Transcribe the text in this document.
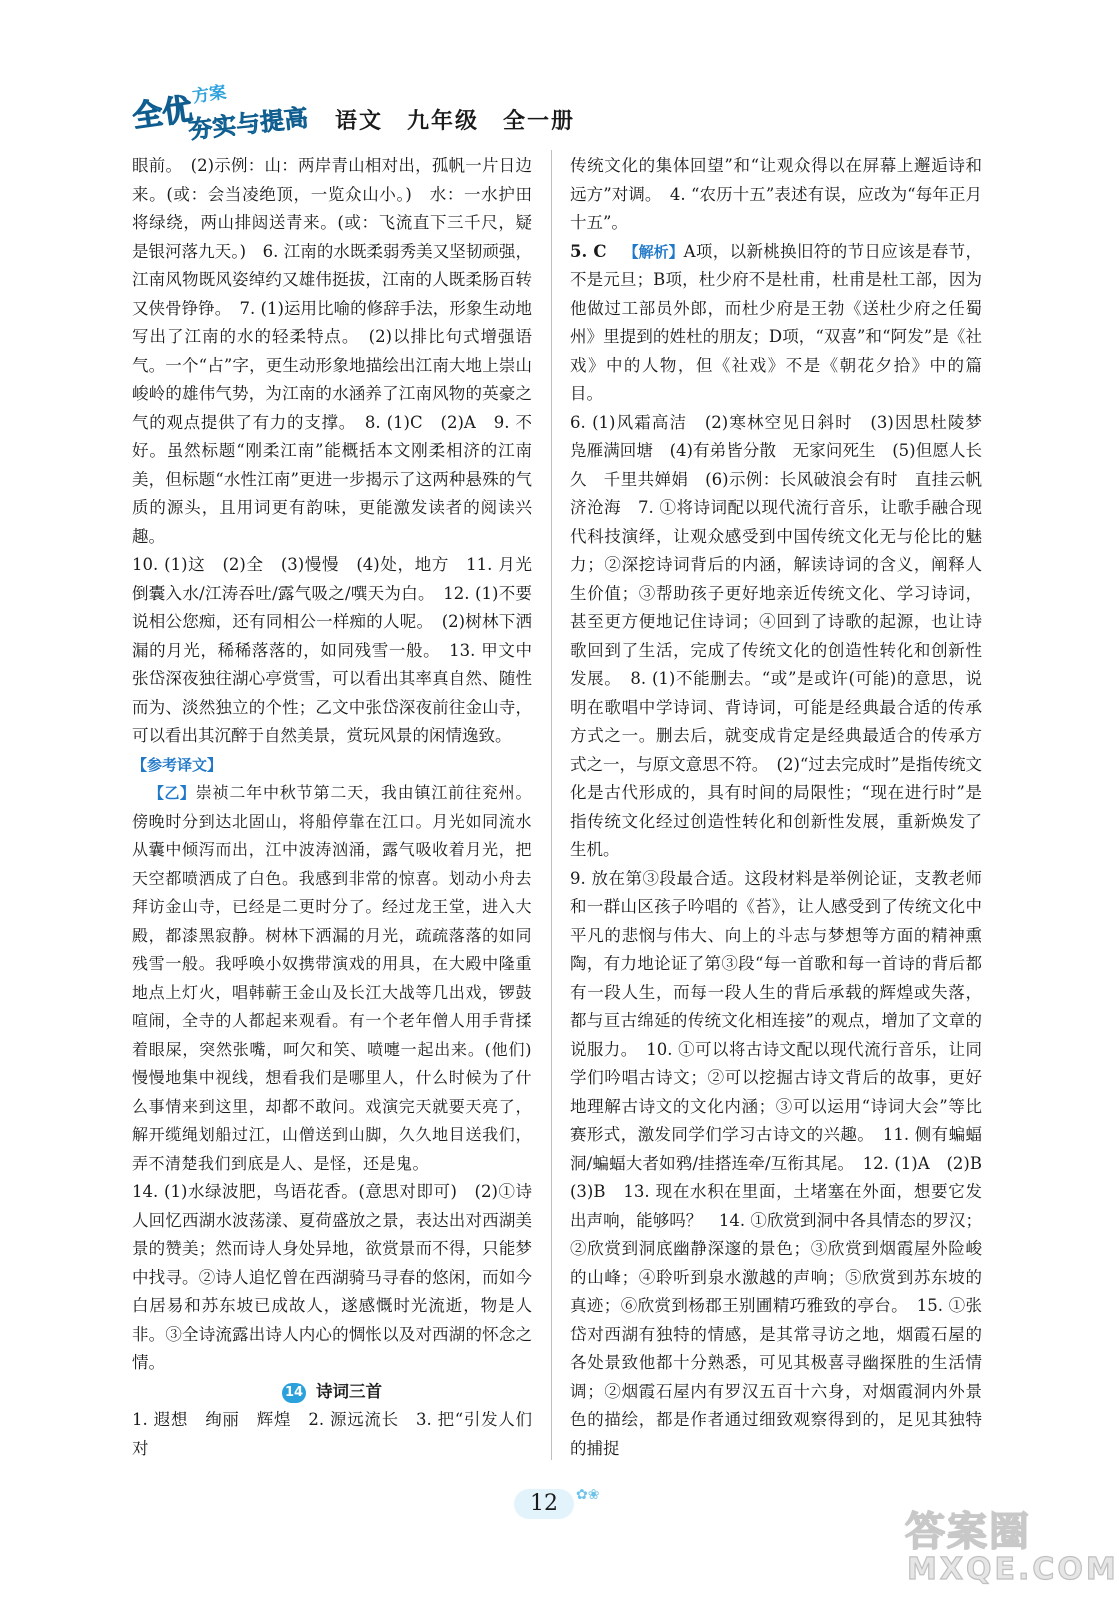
方案
全优
夯实与提高 语文　九年级　全一册

眼前。　(2)示例：山：两岸青山相对出，孤帆一片日边来。(或：会当凌绝顶，一览众山小。)　水：一水护田将绿绕，两山排闼送青来。(或：飞流直下三千尺，疑是银河落九天。)　6. 江南的水既柔弱秀美又坚韧顽强，江南风物既风姿绰约又雄伟挺拔，江南的人既柔肠百转又侠骨铮铮。　7. (1)运用比喻的修辞手法，形象生动地写出了江南的水的轻柔特点。　(2)以排比句式增强语气。一个“占”字，更生动形象地描绘出江南大地上崇山峻岭的雄伟气势，为江南的水涵养了江南风物的英豪之气的观点提供了有力的支撑。　8. (1)C　(2)A　9. 不好。虽然标题“刚柔江南”能概括本文刚柔相济的江南美，但标题“水性江南”更进一步揭示了这两种悬殊的气质的源头，且用词更有韵味，更能激发读者的阅读兴趣。

10. (1)这　(2)全　(3)慢慢　(4)处，地方　11. 月光倒囊入水/江涛吞吐/露气吸之/噀天为白。　12. (1)不要说相公您痴，还有同相公一样痴的人呢。　(2)树林下洒漏的月光，稀稀落落的，如同残雪一般。　13. 甲文中张岱深夜独往湖心亭赏雪，可以看出其率真自然、随性而为、淡然独立的个性；乙文中张岱深夜前往金山寺，可以看出其沉醉于自然美景，赏玩风景的闲情逸致。

【参考译文】

　【乙】崇祯二年中秋节第二天，我由镇江前往兖州。傍晚时分到达北固山，将船停靠在江口。月光如同流水从囊中倾泻而出，江中波涛汹涌，露气吸收着月光，把天空都喷洒成了白色。我感到非常的惊喜。划动小舟去拜访金山寺，已经是二更时分了。经过龙王堂，进入大殿，都漆黑寂静。树林下洒漏的月光，疏疏落落的如同残雪一般。我呼唤小奴携带演戏的用具，在大殿中隆重地点上灯火，唱韩蕲王金山及长江大战等几出戏，锣鼓喧闹，全寺的人都起来观看。有一个老年僧人用手背揉着眼屎，突然张嘴，呵欠和笑、喷嚏一起出来。(他们)慢慢地集中视线，想看我们是哪里人，什么时候为了什么事情来到这里，却都不敢问。戏演完天就要天亮了，解开缆绳划船过江，山僧送到山脚，久久地目送我们，弄不清楚我们到底是人、是怪，还是鬼。

14. (1)水绿波肥，鸟语花香。(意思对即可)　(2)①诗人回忆西湖水波荡漾、夏荷盛放之景，表达出对西湖美景的赞美；然而诗人身处异地，欲赏景而不得，只能梦中找寻。②诗人追忆曾在西湖骑马寻春的悠闲，而如今白居易和苏东坡已成故人，遂感慨时光流逝，物是人非。③全诗流露出诗人内心的惆怅以及对西湖的怀念之情。

14 诗词三首

1. 遐想　绚丽　辉煌　2. 源远流长　3. 把“引发人们对

传统文化的集体回望”和“让观众得以在屏幕上邂逅诗和远方”对调。　4. “农历十五”表述有误，应改为“每年正月十五”。

5. C　 【解析】A项，以新桃换旧符的节日应该是春节，不是元旦；B项，杜少府不是杜甫，杜甫是杜工部，因为他做过工部员外郎，而杜少府是王勃《送杜少府之任蜀州》里提到的姓杜的朋友；D项，“双喜”和“阿发”是《社戏》中的人物，但《社戏》不是《朝花夕拾》中的篇目。

6. (1)风霜高洁　(2)寒林空见日斜时　(3)因思杜陵梦　凫雁满回塘　(4)有弟皆分散　无家问死生　(5)但愿人长久　千里共婵娟　(6)示例：长风破浪会有时　直挂云帆济沧海　7. ①将诗词配以现代流行音乐，让歌手融合现代科技演绎，让观众感受到中国传统文化无与伦比的魅力；②深挖诗词背后的内涵，解读诗词的含义，阐释人生价值；③帮助孩子更好地亲近传统文化、学习诗词，甚至更方便地记住诗词；④回到了诗歌的起源，也让诗歌回到了生活，完成了传统文化的创造性转化和创新性发展。　8. (1)不能删去。“或”是或许(可能)的意思，说明在歌唱中学诗词、背诗词，可能是经典最合适的传承方式之一。删去后，就变成肯定是经典最适合的传承方式之一，与原文意思不符。　(2)“过去完成时”是指传统文化是古代形成的，具有时间的局限性；“现在进行时”是指传统文化经过创造性转化和创新性发展，重新焕发了生机。

9. 放在第③段最合适。这段材料是举例论证，支教老师和一群山区孩子吟唱的《苔》，让人感受到了传统文化中平凡的悲悯与伟大、向上的斗志与梦想等方面的精神熏陶，有力地论证了第③段“每一首歌和每一首诗的背后都有一段人生，而每一段人生的背后承载的辉煌或失落，都与亘古绵延的传统文化相连接”的观点，增加了文章的说服力。　10. ①可以将古诗文配以现代流行音乐，让同学们吟唱古诗文；②可以挖掘古诗文背后的故事，更好地理解古诗文的文化内涵；③可以运用“诗词大会”等比赛形式，激发同学们学习古诗文的兴趣。　11. 侧有蝙蝠洞/蝙蝠大者如鸦/挂搭连牵/互衔其尾。　12. (1)A　(2)B　(3)B　13. 现在水积在里面，土堵塞在外面，想要它发出声响，能够吗？　14. ①欣赏到洞中各具情态的罗汉；②欣赏到洞底幽静深邃的景色；③欣赏到烟霞屋外险峻的山峰；④聆听到泉水激越的声响；⑤欣赏到苏东坡的真迹；⑥欣赏到杨郡王别圃精巧雅致的亭台。　15. ①张岱对西湖有独特的情感，是其常寻访之地，烟霞石屋的各处景致他都十分熟悉，可见其极喜寻幽探胜的生活情调；②烟霞石屋内有罗汉五百十六身，对烟霞洞内外景色的描绘，都是作者通过细致观察得到的，足见其独特的捕捉

12	✿❀
答案圈
MXQE.COM
